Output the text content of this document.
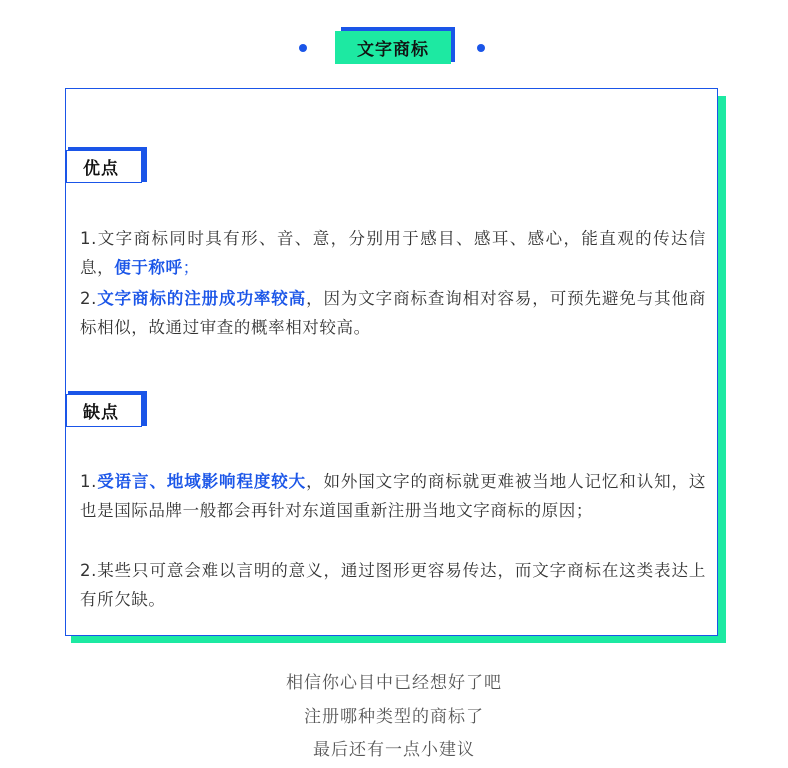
文字商标
优点
1.文字商标同时具有形、音、意，分别用于感目、感耳、感心，能直观的传达信息，便于称呼；
2.文字商标的注册成功率较高，因为文字商标查询相对容易，可预先避免与其他商标相似，故通过审查的概率相对较高。
缺点
1.受语言、地域影响程度较大，如外国文字的商标就更难被当地人记忆和认知，这也是国际品牌一般都会再针对东道国重新注册当地文字商标的原因；
2.某些只可意会难以言明的意义，通过图形更容易传达，而文字商标在这类表达上有所欠缺。
相信你心目中已经想好了吧
注册哪种类型的商标了
最后还有一点小建议
